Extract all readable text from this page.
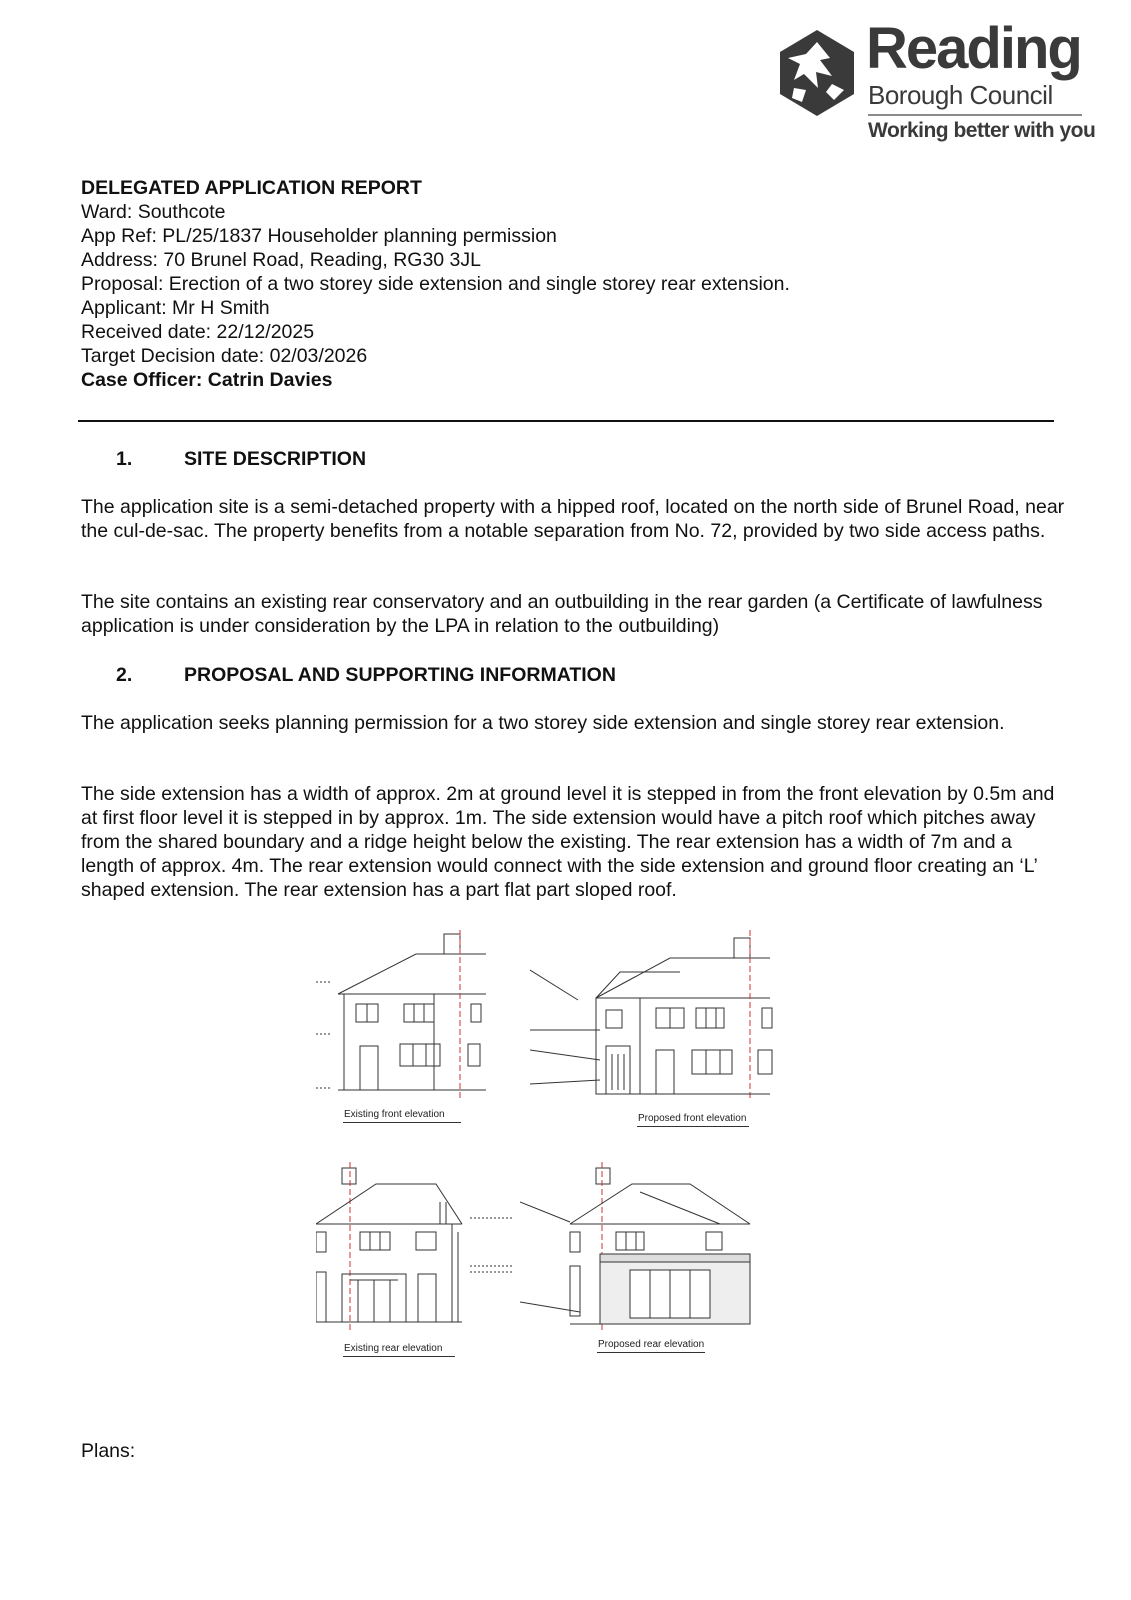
Reading
Borough Council
Working better with you
DELEGATED APPLICATION REPORT
Ward: Southcote
App Ref: PL/25/1837 Householder planning permission
Address: 70 Brunel Road, Reading, RG30 3JL
Proposal: Erection of a two storey side extension and single storey rear extension.
Applicant: Mr H Smith
Received date: 22/12/2025
Target Decision date: 02/03/2026
Case Officer: Catrin Davies
1.	SITE DESCRIPTION
The application site is a semi-detached property with a hipped roof, located on the north side of Brunel Road, near the cul-de-sac. The property benefits from a notable separation from No. 72, provided by two side access paths.
The site contains an existing rear conservatory and an outbuilding in the rear garden (a Certificate of lawfulness application is under consideration by the LPA in relation to the outbuilding)
2.	PROPOSAL AND SUPPORTING INFORMATION
The application seeks planning permission for a two storey side extension and single storey rear extension.
The side extension has a width of approx. 2m at ground level it is stepped in from the front elevation by 0.5m and at first floor level it is stepped in by approx. 1m. The side extension would have a pitch roof which pitches away from the shared boundary and a ridge height below the existing. The rear extension has a width of 7m and a length of approx. 4m. The rear extension would connect with the side extension and ground floor creating an ‘L’ shaped extension. The rear extension has a part flat part sloped roof.
Existing front elevation	Proposed front elevation
Existing rear elevation	Proposed rear elevation
Plans:
